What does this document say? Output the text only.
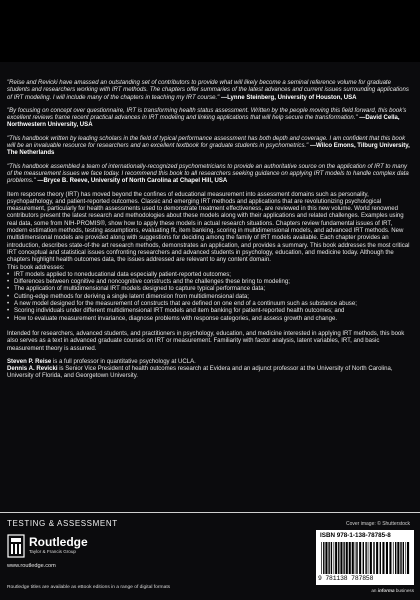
"Reise and Revicki have amassed an outstanding set of contributors to provide what will likely become a seminal reference volume for graduate students and researchers working with IRT methods. The chapters offer summaries of the latest advances and current issues surrounding applications of IRT modeling. I will include many of the chapters in teaching my IRT course." —Lynne Steinberg, University of Houston, USA

"By focusing on concept over questionnaire, IRT is transforming health status assessment. Written by the people moving this field forward, this book's excellent reviews frame recent practical advances in IRT modeling and linking applications that will help secure the transformation." —David Cella, Northwestern University, USA

"This handbook written by leading scholars in the field of typical performance assessment has both depth and coverage. I am confident that this book will be an invaluable resource for researchers and an excellent textbook for graduate students in psychometrics." —Wilco Emons, Tilburg University, The Netherlands

"This handbook assembled a team of internationally-recognized psychometricians to provide an authoritative source on the application of IRT to many of the measurement issues we face today. I recommend this book to all researchers seeking guidance on applying IRT models to handle complex data problems." —Bryce B. Reeve, University of North Carolina at Chapel Hill, USA

Item response theory (IRT) has moved beyond the confines of educational measurement into assessment domains such as personality, psychopathology, and patient-reported outcomes. Classic and emerging IRT methods and applications that are revolutionizing psychological measurement, particularly for health assessments used to demonstrate treatment effectiveness, are reviewed in this new volume. World renowned contributors present the latest research and methodologies about these models along with their applications and related challenges. Examples using real data, some from NIH-PROMIS®, show how to apply these models in actual research situations. Chapters review fundamental issues of IRT, modern estimation methods, testing assumptions, evaluating fit, item banking, scoring in multidimensional models, and advanced IRT methods. New multidimensional models are provided along with suggestions for deciding among the family of IRT models available. Each chapter provides an introduction, describes state-of-the art research methods, demonstrates an application, and provides a summary. This book addresses the most critical IRT conceptual and statistical issues confronting researchers and advanced students in psychology, education, and medicine today. Although the chapters highlight health outcomes data, the issues addressed are relevant to any content domain.

This book addresses:

• IRT models applied to noneducational data especially patient-reported outcomes;
• Differences between cognitive and noncognitive constructs and the challenges these bring to modeling;
• The application of multidimensional IRT models designed to capture typical performance data;
• Cutting-edge methods for deriving a single latent dimension from multidimensional data;
• A new model designed for the measurement of constructs that are defined on one end of a continuum such as substance abuse;
• Scoring individuals under different multidimensional IRT models and item banking for patient-reported health outcomes; and
• How to evaluate measurement invariance, diagnose problems with response categories, and assess growth and change.

Intended for researchers, advanced students, and practitioners in psychology, education, and medicine interested in applying IRT methods, this book also serves as a text in advanced graduate courses on IRT or measurement. Familiarity with factor analysis, latent variables, IRT, and basic measurement theory is assumed.

Steven P. Reise is a full professor in quantitative psychology at UCLA.

Dennis A. Revicki is Senior Vice President of health outcomes research at Evidera and an adjunct professor at the University of North Carolina, University of Florida, and Georgetown University.

TESTING & ASSESSMENT	Cover image: © Shutterstock
Routledge
Taylor & Francis Group
www.routledge.com
Routledge titles are available as eBook editions in a range of digital formats
ISBN 978-1-138-78785-8
9 781138 787858
an informa business
